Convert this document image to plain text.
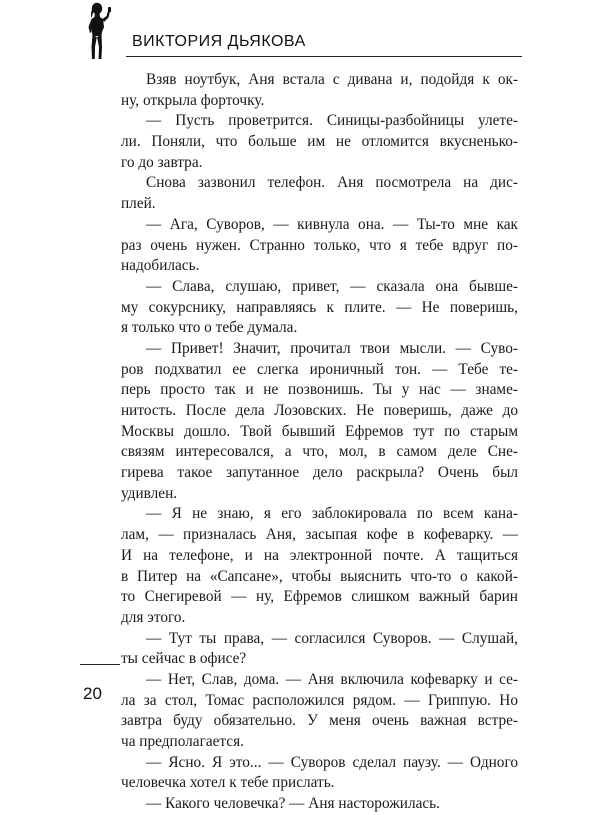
ВИКТОРИЯ ДЬЯКОВА
Взяв ноутбук, Аня встала с дивана и, подойдя к ок-
ну, открыла форточку.
— Пусть проветрится. Синицы-разбойницы улете-
ли. Поняли, что больше им не отломится вкусненько-
го до завтра.
Снова зазвонил телефон. Аня посмотрела на дис-
плей.
— Ага, Суворов, — кивнула она. — Ты-то мне как
раз очень нужен. Странно только, что я тебе вдруг по-
надобилась.
— Слава, слушаю, привет, — сказала она бывше-
му сокурснику, направляясь к плите. — Не поверишь,
я только что о тебе думала.
— Привет! Значит, прочитал твои мысли. — Суво-
ров подхватил ее слегка ироничный тон. — Тебе те-
перь просто так и не позвонишь. Ты у нас — знаме-
нитость. После дела Лозовских. Не поверишь, даже до
Москвы дошло. Твой бывший Ефремов тут по старым
связям интересовался, а что, мол, в самом деле Сне-
гирева такое запутанное дело раскрыла? Очень был
удивлен.
— Я не знаю, я его заблокировала по всем кана-
лам, — призналась Аня, засыпая кофе в кофеварку. —
И на телефоне, и на электронной почте. А тащиться
в Питер на «Сапсане», чтобы выяснить что-то о какой-
то Снегиревой — ну, Ефремов слишком важный барин
для этого.
— Тут ты права, — согласился Суворов. — Слушай,
ты сейчас в офисе?
— Нет, Слав, дома. — Аня включила кофеварку и се-
ла за стол, Томас расположился рядом. — Гриппую. Но
завтра буду обязательно. У меня очень важная встре-
ча предполагается.
— Ясно. Я это... — Суворов сделал паузу. — Одного
человечка хотел к тебе прислать.
— Какого человечка? — Аня насторожилась.
20
